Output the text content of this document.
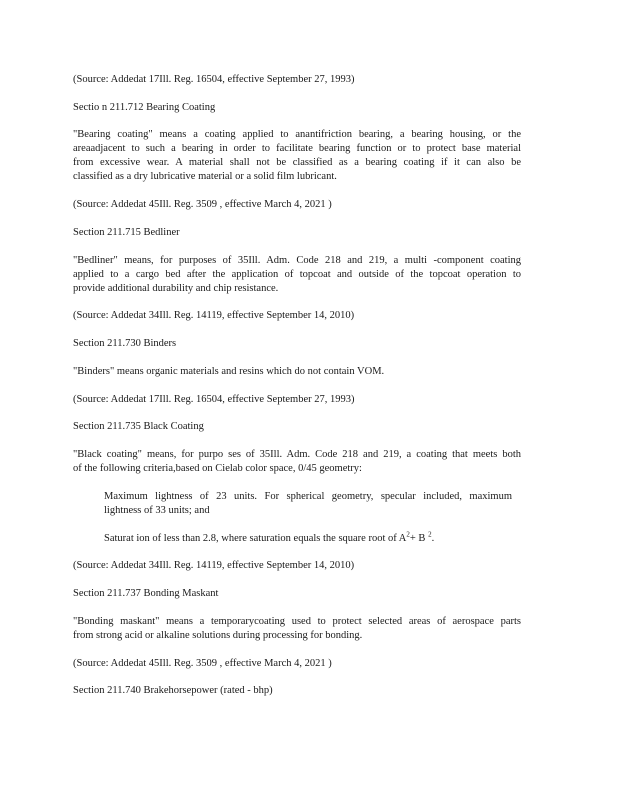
(Source: Addedat 17Ill. Reg. 16504, effective September 27, 1993)
Sectio n 211.712 Bearing Coating
"Bearing coating" means a coating applied to anantifriction bearing, a bearing housing, or the
areaadjacent to such a bearing in order to facilitate bearing function or to protect base material
from excessive wear. A material shall not be classified as a bearing coating if it can also be
classified as a dry lubricative material or a solid film lubricant.
(Source: Addedat 45Ill. Reg. 3509 , effective March 4, 2021 )
Section 211.715 Bedliner
"Bedliner" means, for purposes of 35Ill. Adm. Code 218 and 219, a multi -component coating
applied to a cargo bed after the application of topcoat and outside of the topcoat operation to
provide additional durability and chip resistance.
(Source: Addedat 34Ill. Reg. 14119, effective September 14, 2010)
Section 211.730 Binders
"Binders" means organic materials and resins which do not contain VOM.
(Source: Addedat 17Ill. Reg. 16504, effective September 27, 1993)
Section 211.735 Black Coating
"Black coating" means, for purpo ses of 35Ill. Adm. Code 218 and 219, a coating that meets both
of the following criteria,based on Cielab color space, 0/45 geometry:
Maximum lightness of 23 units. For spherical geometry, specular included, maximum
lightness of 33 units; and
Saturat ion of less than 2.8, where saturation equals the square root of $A^2+ B$ $^2$.
(Source: Addedat 34Ill. Reg. 14119, effective September 14, 2010)
Section 211.737 Bonding Maskant
"Bonding maskant" means a temporarycoating used to protect selected areas of aerospace parts
from strong acid or alkaline solutions during processing for bonding.
(Source: Addedat 45Ill. Reg. 3509 , effective March 4, 2021 )
Section 211.740 Brakehorsepower (rated - bhp)
